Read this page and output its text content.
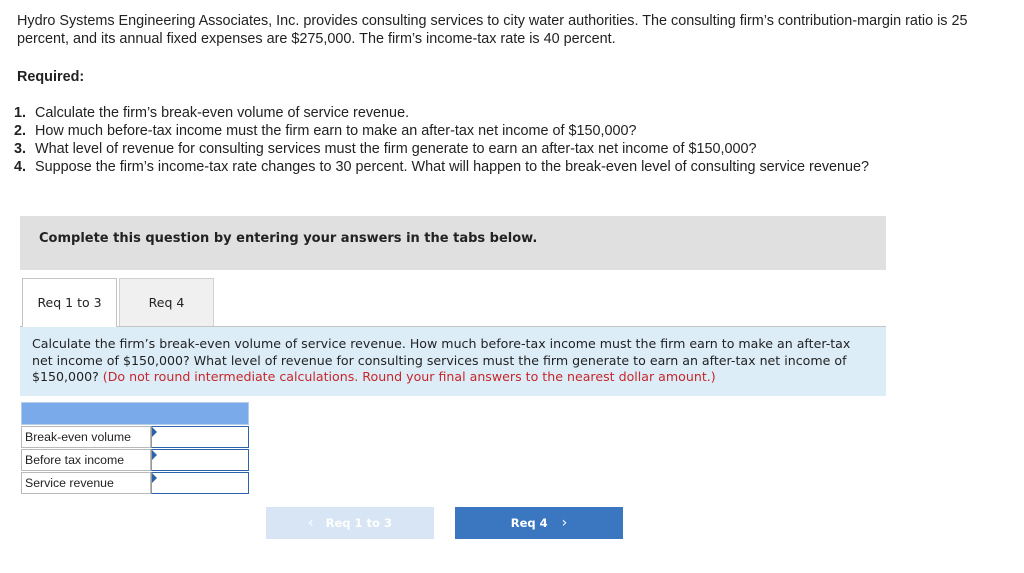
Hydro Systems Engineering Associates, Inc. provides consulting services to city water authorities. The consulting firm’s contribution-margin ratio is 25 percent, and its annual fixed expenses are $275,000. The firm’s income-tax rate is 40 percent.
Required:
1. Calculate the firm’s break-even volume of service revenue.
2. How much before-tax income must the firm earn to make an after-tax net income of $150,000?
3. What level of revenue for consulting services must the firm generate to earn an after-tax net income of $150,000?
4. Suppose the firm’s income-tax rate changes to 30 percent. What will happen to the break-even level of consulting service revenue?
Complete this question by entering your answers in the tabs below.
Req 1 to 3	Req 4
Calculate the firm’s break-even volume of service revenue. How much before-tax income must the firm earn to make an after-tax net income of $150,000? What level of revenue for consulting services must the firm generate to earn an after-tax net income of $150,000? (Do not round intermediate calculations. Round your final answers to the nearest dollar amount.)
Break-even volume
Before tax income
Service revenue
‹ Req 1 to 3	Req 4 ›
